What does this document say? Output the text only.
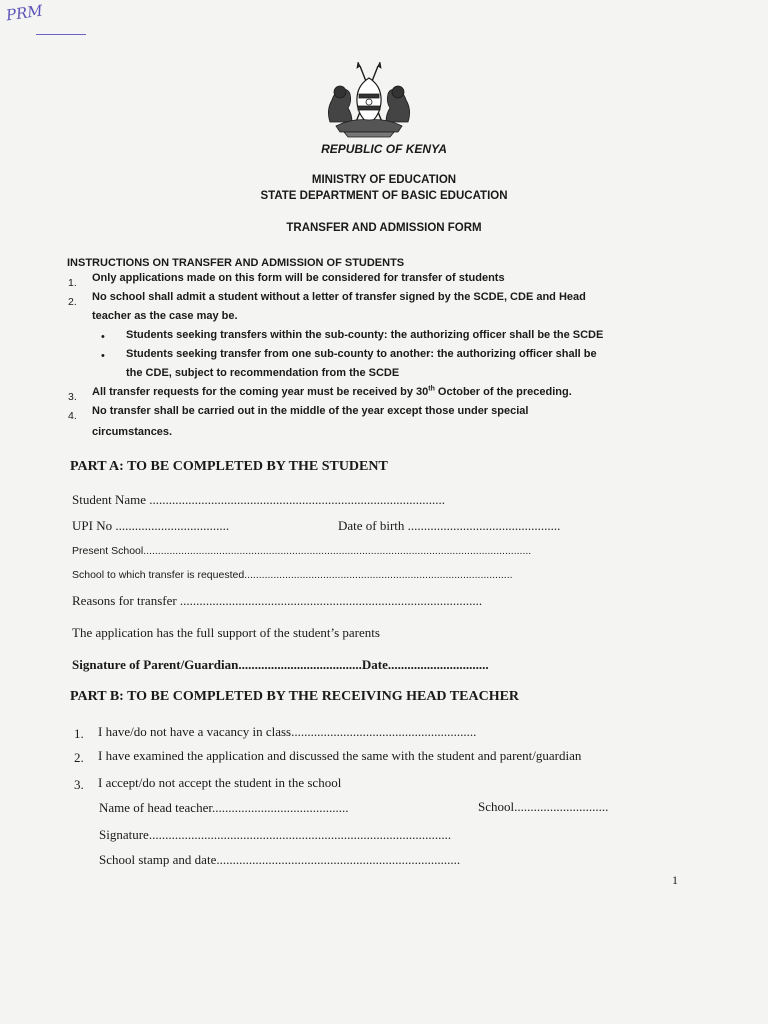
PRM
REPUBLIC OF KENYA
MINISTRY OF EDUCATION
STATE DEPARTMENT OF BASIC EDUCATION
TRANSFER AND ADMISSION FORM
INSTRUCTIONS ON TRANSFER AND ADMISSION OF STUDENTS
1. Only applications made on this form will be considered for transfer of students
2. No school shall admit a student without a letter of transfer signed by the SCDE, CDE and Head
teacher as the case may be.
• Students seeking transfers within the sub-county: the authorizing officer shall be the SCDE
• Students seeking transfer from one sub-county to another: the authorizing officer shall be
the CDE, subject to recommendation from the SCDE
3. All transfer requests for the coming year must be received by 30th October of the preceding.
4. No transfer shall be carried out in the middle of the year except those under special
circumstances.
PART A: TO BE COMPLETED BY THE STUDENT
Student Name ...........................................................................................
UPI No ...................................	Date of birth ...............................................
Present School.....................................................................................................................................
School to which transfer is requested............................................................................................
Reasons for transfer .............................................................................................
The application has the full support of the student’s parents
Signature of Parent/Guardian......................................Date...............................
PART B: TO BE COMPLETED BY THE RECEIVING HEAD TEACHER
1. I have/do not have a vacancy in class.........................................................
2. I have examined the application and discussed the same with the student and parent/guardian
3. I accept/do not accept the student in the school
Name of head teacher..........................................	School.............................
Signature.............................................................................................
School stamp and date...........................................................................
1
